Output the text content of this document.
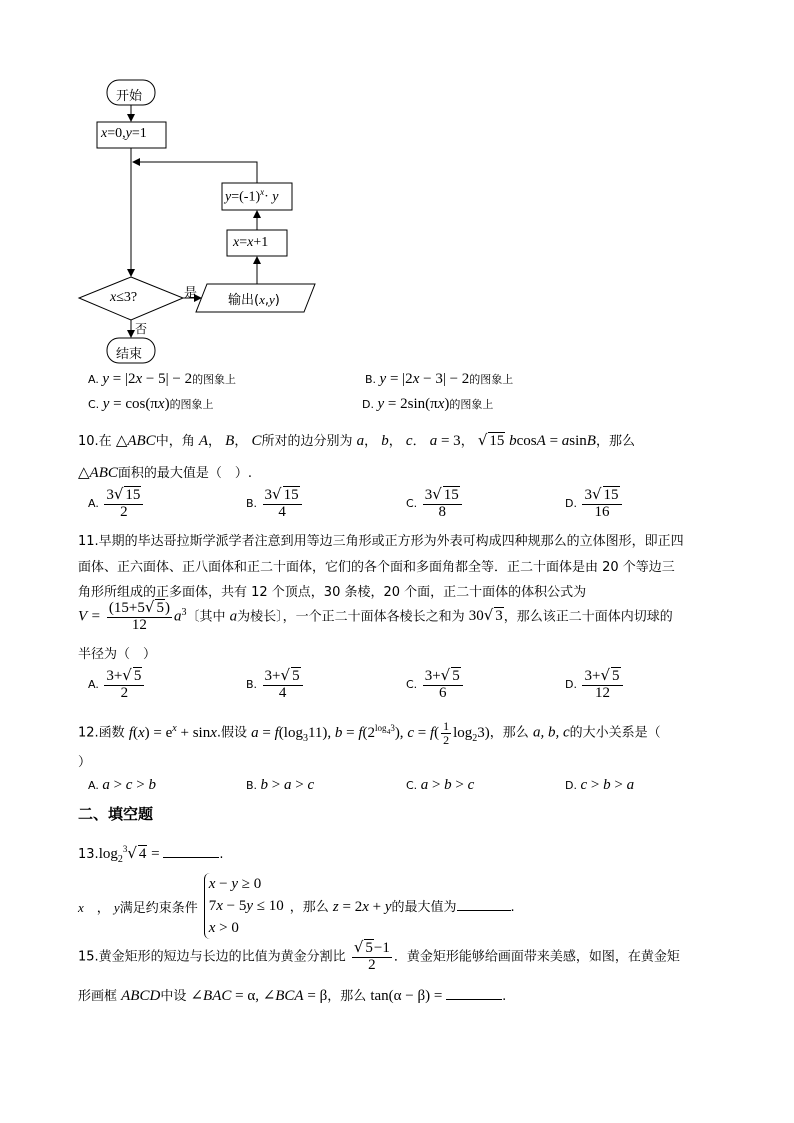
开始
x=0,y=1
$y=(-1)^x\cdot y$
x=x+1
x≤3?	是 输出(x,y)
否
结束
A. y = |2x − 5| − 2的图象上	B. y = |2x − 3| − 2的图象上
C. y = cos(πx)的图象上	D. y = 2sin(πx)的图象上
10.在 △ABC中，角 A， B， C所对的边分别为 a， b， c． a = 3， √ 15 bcosA = asinB，那么
△ABC面积的最大值是（　）.
A. $\frac{3√ 15}{2}$	B. $\frac{3√ 15}{4}$	C. $\frac{3√ 15}{8}$	D. $\frac{3√ 15}{16}$
11.早期的毕达哥拉斯学派学者注意到用等边三角形或正方形为外表可构成四种规那么的立体图形，即正四
面体、正六面体、正八面体和正二十面体，它们的各个面和多面角都全等．正二十面体是由 20 个等边三
角形所组成的正多面体，共有 12 个顶点，30 条棱，20 个面，正二十面体的体积公式为
$V = \frac{(15+5√ 5)}{12} a^3$〔其中 a为棱长〕，一个正二十面体各棱长之和为 30√ 3，那么该正二十面体内切球的
半径为（　）
A. $\frac{3+√ 5}{2}$	B. $\frac{3+√ 5}{4}$	C. $\frac{3+√ 5}{6}$	D. $\frac{3+√ 5}{12}$
12.函数 $f(x) = e^x + \sin x$.假设 $a = f(\log_311)$, $b = f(2^{log_43})$, $c = f( \frac{1}{2} \log_23)$，那么 a, b, c的大小关系是（
）
A. a > c > b	B. b > a > c	C. a > b > c	D. c > b > a
二、填空题
$13.\log_2^3√$ 4 =	.
x　， y满足约束条件
x − y ≥ 0
7x − 5y ≤ 10
x > 0
，那么 z = 2x + y的最大值为	.
15.黄金矩形的短边与长边的比值为黄金分割比 $\frac{√ 5-1}{2}$ ．黄金矩形能够给画面带来美感，如图，在黄金矩
形画框 ABCD中设 ∠BAC = α, ∠BCA = β，那么 tan(α − β) =	.
